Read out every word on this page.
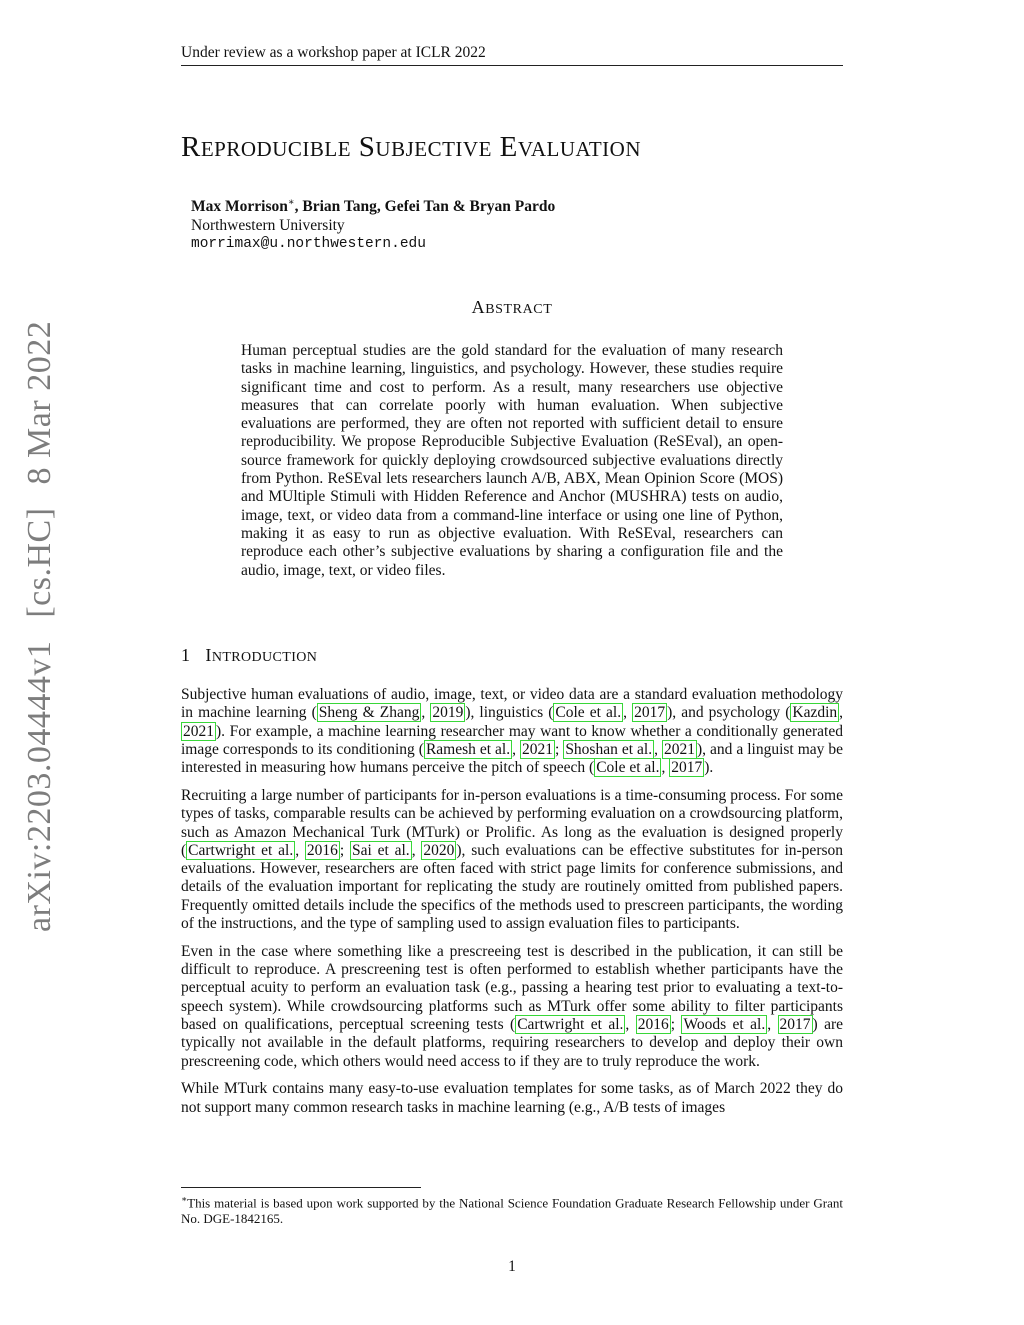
Under review as a workshop paper at ICLR 2022
arXiv:2203.04444v1 [cs.HC] 8 Mar 2022
REPRODUCIBLE SUBJECTIVE EVALUATION
Max Morrison∗, Brian Tang, Gefei Tan & Bryan Pardo
Northwestern University
morrimax@u.northwestern.edu
ABSTRACT

Human perceptual studies are the gold standard for the evaluation of many research tasks in machine learning, linguistics, and psychology. However, these studies require significant time and cost to perform. As a result, many researchers use objective measures that can correlate poorly with human evaluation. When subjective evaluations are performed, they are often not reported with sufficient detail to ensure reproducibility. We propose Reproducible Subjective Evaluation (ReSEval), an open-source framework for quickly deploying crowdsourced subjective evaluations directly from Python. ReSEval lets researchers launch A/B, ABX, Mean Opinion Score (MOS) and MUltiple Stimuli with Hidden Reference and Anchor (MUSHRA) tests on audio, image, text, or video data from a command-line interface or using one line of Python, making it as easy to run as objective evaluation. With ReSEval, researchers can reproduce each other’s subjective evaluations by sharing a configuration file and the audio, image, text, or video files.

1 INTRODUCTION

Subjective human evaluations of audio, image, text, or video data are a standard evaluation methodology in machine learning ( Sheng & Zhang , 2019 ), linguistics ( Cole et al. , 2017 ), and psychology ( Kazdin , 2021 ). For example, a machine learning researcher may want to know whether a conditionally generated image corresponds to its conditioning ( Ramesh et al. , 2021 ; Shoshan et al. , 2021 ), and a linguist may be interested in measuring how humans perceive the pitch of speech ( Cole et al. , 2017 ).

Recruiting a large number of participants for in-person evaluations is a time-consuming process. For some types of tasks, comparable results can be achieved by performing evaluation on a crowdsourcing platform, such as Amazon Mechanical Turk (MTurk) or Prolific. As long as the evaluation is designed properly ( Cartwright et al. , 2016 ; Sai et al. , 2020 ), such evaluations can be effective substitutes for in-person evaluations. However, researchers are often faced with strict page limits for conference submissions, and details of the evaluation important for replicating the study are routinely omitted from published papers. Frequently omitted details include the specifics of the methods used to prescreen participants, the wording of the instructions, and the type of sampling used to assign evaluation files to participants.

Even in the case where something like a prescreeing test is described in the publication, it can still be difficult to reproduce. A prescreening test is often performed to establish whether participants have the perceptual acuity to perform an evaluation task (e.g., passing a hearing test prior to evaluating a text-to-speech system). While crowdsourcing platforms such as MTurk offer some ability to filter participants based on qualifications, perceptual screening tests ( Cartwright et al. , 2016 ; Woods et al. , 2017 ) are typically not available in the default platforms, requiring researchers to develop and deploy their own prescreening code, which others would need access to if they are to truly reproduce the work.

While MTurk contains many easy-to-use evaluation templates for some tasks, as of March 2022 they do not support many common research tasks in machine learning (e.g., A/B tests of images

∗This material is based upon work supported by the National Science Foundation Graduate Research Fellowship under Grant No. DGE-1842165.
1
